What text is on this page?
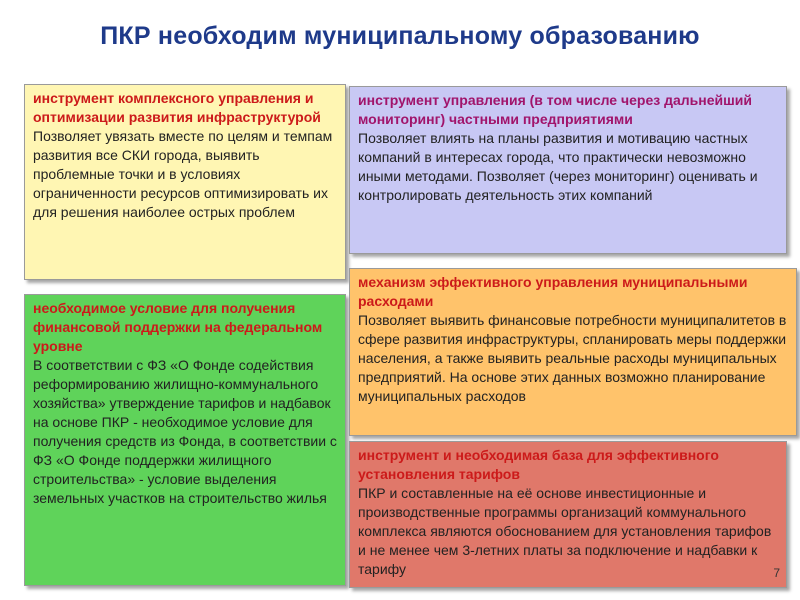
ПКР необходим муниципальному образованию
инструмент комплексного управления и оптимизации развития инфраструктурой
Позволяет увязать вместе по целям и темпам развития все СКИ города, выявить проблемные точки и в условиях ограниченности ресурсов оптимизировать их для решения наиболее острых проблем
инструмент управления (в том числе через дальнейший мониторинг) частными предприятиями
Позволяет влиять на планы развития и мотивацию частных компаний в интересах города, что практически невозможно иными методами. Позволяет (через мониторинг) оценивать и контролировать деятельность этих компаний
необходимое условие для получения финансовой поддержки на федеральном уровне
В соответствии с ФЗ «О Фонде содействия реформированию жилищно-коммунального хозяйства» утверждение тарифов и надбавок на основе ПКР - необходимое условие для получения средств из Фонда, в соответствии с ФЗ «О Фонде поддержки жилищного строительства» - условие выделения земельных участков на строительство жилья
механизм эффективного управления муниципальными расходами
Позволяет выявить финансовые потребности муниципалитетов в сфере развития инфраструктуры, спланировать меры поддержки населения, а также выявить реальные расходы муниципальных предприятий. На основе этих данных возможно планирование муниципальных расходов
инструмент и необходимая база для эффективного установления тарифов
ПКР и составленные на её основе инвестиционные и производственные программы организаций коммунального комплекса являются обоснованием для установления тарифов и не менее чем 3-летних платы за подключение и надбавки к тарифу	7
